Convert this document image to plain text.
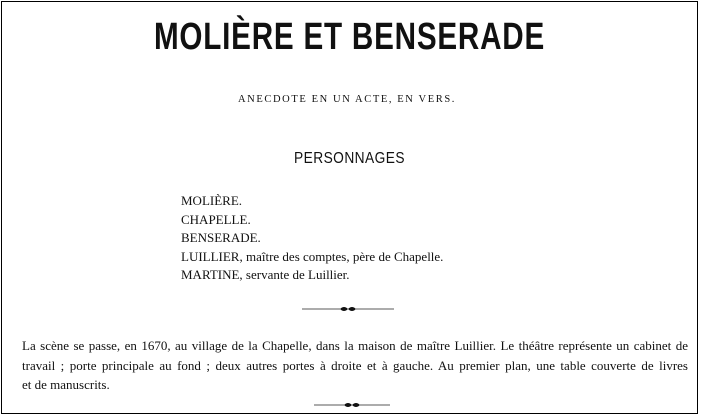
MOLIÈRE ET BENSERADE
ANECDOTE EN UN ACTE, EN VERS.
PERSONNAGES
MOLIÈRE.
CHAPELLE.
BENSERADE.
LUILLIER, maître des comptes, père de Chapelle.
MARTINE, servante de Luillier.
La scène se passe, en 1670, au village de la Chapelle, dans la maison de maître Luillier. Le théâtre représente un cabinet de
travail ; porte principale au fond ; deux autres portes à droite et à gauche. Au premier plan, une table couverte de livres
et de manuscrits.
